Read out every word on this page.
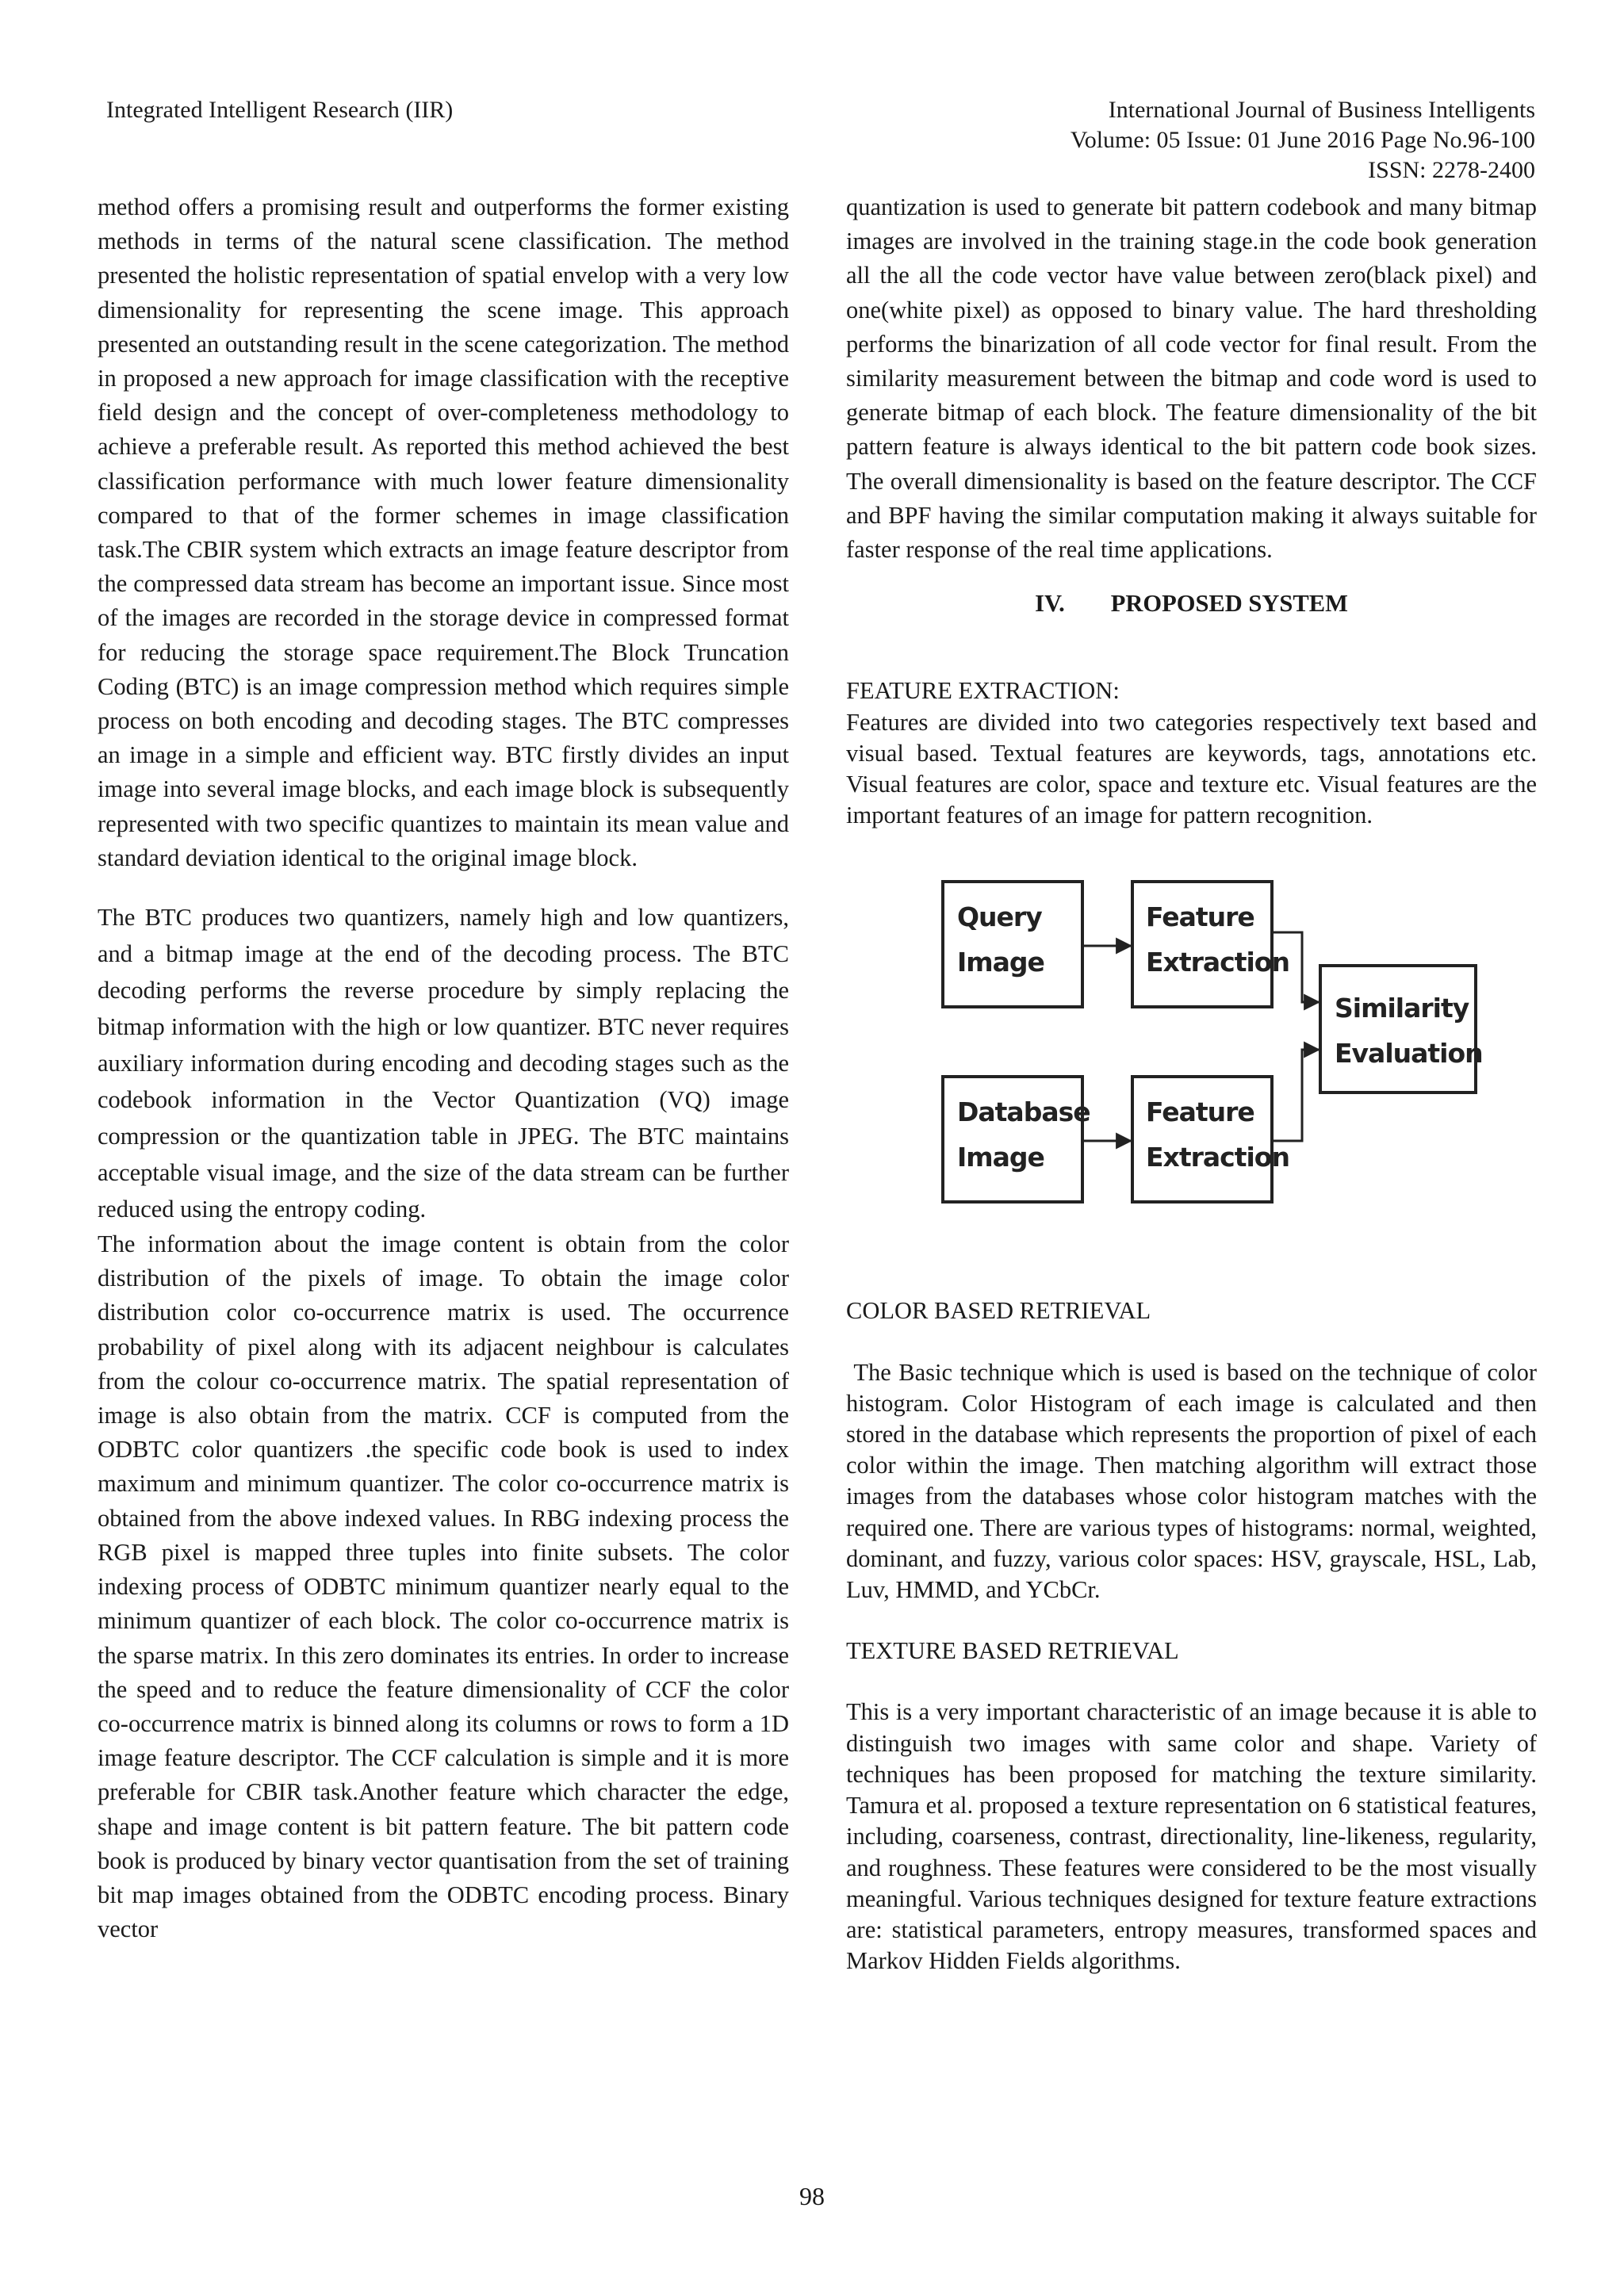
Integrated Intelligent Research (IIR)	International Journal of Business Intelligents
Volume: 05 Issue: 01 June 2016 Page No.96-100
ISSN: 2278-2400

method offers a promising result and outperforms the former existing methods in terms of the natural scene classification. The method presented the holistic representation of spatial envelop with a very low dimensionality for representing the scene image. This approach presented an outstanding result in the scene categorization. The method in proposed a new approach for image classification with the receptive field design and the concept of over-completeness methodology to achieve a preferable result. As reported this method achieved the best classification performance with much lower feature dimensionality compared to that of the former schemes in image classification task.The CBIR system which extracts an image feature descriptor from the compressed data stream has become an important issue. Since most of the images are recorded in the storage device in compressed format for reducing the storage space requirement.The Block Truncation Coding (BTC) is an image compression method which requires simple process on both encoding and decoding stages. The BTC compresses an image in a simple and efficient way. BTC firstly divides an input image into several image blocks, and each image block is subsequently represented with two specific quantizes to maintain its mean value and standard deviation identical to the original image block.

The BTC produces two quantizers, namely high and low quantizers, and a bitmap image at the end of the decoding process. The BTC decoding performs the reverse procedure by simply replacing the bitmap information with the high or low quantizer. BTC never requires auxiliary information during encoding and decoding stages such as the codebook information in the Vector Quantization (VQ) image compression or the quantization table in JPEG. The BTC maintains acceptable visual image, and the size of the data stream can be further reduced using the entropy coding.

The information about the image content is obtain from the color distribution of the pixels of image. To obtain the image color distribution color co-occurrence matrix is used. The occurrence probability of pixel along with its adjacent neighbour is calculates from the colour co-occurrence matrix. The spatial representation of image is also obtain from the matrix. CCF is computed from the ODBTC color quantizers .the specific code book is used to index maximum and minimum quantizer. The color co-occurrence matrix is obtained from the above indexed values. In RBG indexing process the RGB pixel is mapped three tuples into finite subsets. The color indexing process of ODBTC minimum quantizer nearly equal to the minimum quantizer of each block. The color co-occurrence matrix is the sparse matrix. In this zero dominates its entries. In order to increase the speed and to reduce the feature dimensionality of CCF the color co-occurrence matrix is binned along its columns or rows to form a 1D image feature descriptor. The CCF calculation is simple and it is more preferable for CBIR task.Another feature which character the edge, shape and image content is bit pattern feature. The bit pattern code book is produced by binary vector quantisation from the set of training bit map images obtained from the ODBTC encoding process. Binary vector

quantization is used to generate bit pattern codebook and many bitmap images are involved in the training stage.in the code book generation all the all the code vector have value between zero(black pixel) and one(white pixel) as opposed to binary value. The hard thresholding performs the binarization of all code vector for final result. From the similarity measurement between the bitmap and code word is used to generate bitmap of each block. The feature dimensionality of the bit pattern feature is always identical to the bit pattern code book sizes. The overall dimensionality is based on the feature descriptor. The CCF and BPF having the similar computation making it always suitable for faster response of the real time applications.

IV. PROPOSED SYSTEM

FEATURE EXTRACTION:

Features are divided into two categories respectively text based and visual based. Textual features are keywords, tags, annotations etc. Visual features are color, space and texture etc. Visual features are the important features of an image for pattern recognition.

Query
Image
Feature
Extraction
Database
Image
Feature
Extraction
Similarity
Evaluation

COLOR BASED RETRIEVAL

The Basic technique which is used is based on the technique of color histogram. Color Histogram of each image is calculated and then stored in the database which represents the proportion of pixel of each color within the image. Then matching algorithm will extract those images from the databases whose color histogram matches with the required one. There are various types of histograms: normal, weighted, dominant, and fuzzy, various color spaces: HSV, grayscale, HSL, Lab, Luv, HMMD, and YCbCr.

TEXTURE BASED RETRIEVAL

This is a very important characteristic of an image because it is able to distinguish two images with same color and shape. Variety of techniques has been proposed for matching the texture similarity. Tamura et al. proposed a texture representation on 6 statistical features, including, coarseness, contrast, directionality, line-likeness, regularity, and roughness. These features were considered to be the most visually meaningful. Various techniques designed for texture feature extractions are: statistical parameters, entropy measures, transformed spaces and Markov Hidden Fields algorithms.

98
